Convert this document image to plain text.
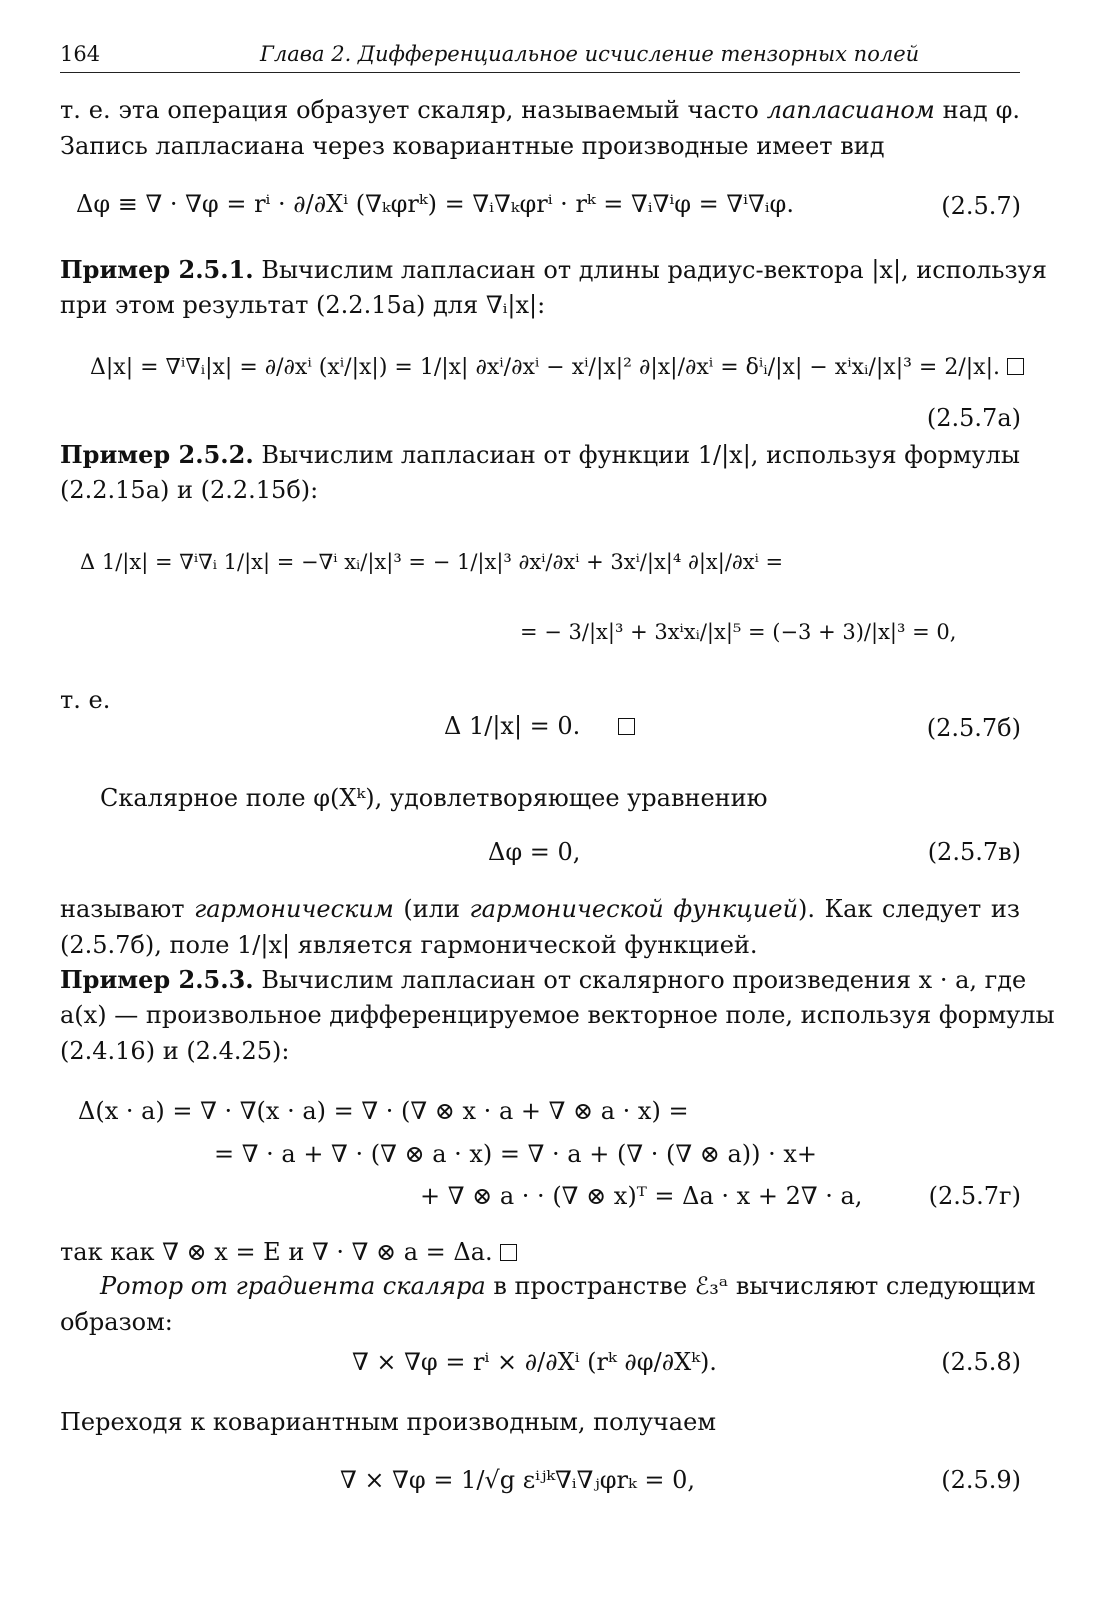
164	Глава 2. Дифференциальное исчисление тензорных полей
т. е. эта операция образует скаляр, называемый часто лапласианом над φ.
Запись лапласиана через ковариантные производные имеет вид
Δφ ≡ ∇ · ∇φ = rⁱ · ∂/∂Xⁱ (∇ₖφrᵏ) = ∇ᵢ∇ₖφrⁱ · rᵏ = ∇ᵢ∇ⁱφ = ∇ⁱ∇ᵢφ.	(2.5.7)
Пример 2.5.1. Вычислим лапласиан от длины радиус-вектора |x|, используя
при этом результат (2.2.15а) для ∇ᵢ|x|:
Δ|x| = ∇ⁱ∇ᵢ|x| = ∂/∂xⁱ (xⁱ/|x|) = 1/|x| ∂xⁱ/∂xⁱ − xⁱ/|x|² ∂|x|/∂xⁱ = δⁱᵢ/|x| − xⁱxᵢ/|x|³ = 2/|x|.
(2.5.7а)
Пример 2.5.2. Вычислим лапласиан от функции 1/|x|, используя формулы
(2.2.15а) и (2.2.15б):
Δ 1/|x| = ∇ⁱ∇ᵢ 1/|x| = −∇ⁱ xᵢ/|x|³ = − 1/|x|³ ∂xⁱ/∂xⁱ + 3xⁱ/|x|⁴ ∂|x|/∂xⁱ =
= − 3/|x|³ + 3xⁱxᵢ/|x|⁵ = (−3 + 3)/|x|³ = 0,
т. е.
Δ 1/|x| = 0.	(2.5.7б)
Скалярное поле φ(Xᵏ), удовлетворяющее уравнению
Δφ = 0,	(2.5.7в)
называют гармоническим (или гармонической функцией). Как следует из
(2.5.7б), поле 1/|x| является гармонической функцией.
Пример 2.5.3. Вычислим лапласиан от скалярного произведения x · a, где
a(x) — произвольное дифференцируемое векторное поле, используя формулы
(2.4.16) и (2.4.25):
Δ(x · a) = ∇ · ∇(x · a) = ∇ · (∇ ⊗ x · a + ∇ ⊗ a · x) =
= ∇ · a + ∇ · (∇ ⊗ a · x) = ∇ · a + (∇ · (∇ ⊗ a)) · x+
+ ∇ ⊗ a · · (∇ ⊗ x)ᵀ = Δa · x + 2∇ · a,	(2.5.7г)
так как ∇ ⊗ x = E и ∇ · ∇ ⊗ a = Δa.
Ротор от градиента скаляра в пространстве ℰ₃ᵃ вычисляют следующим
образом:
∇ × ∇φ = rⁱ × ∂/∂Xⁱ (rᵏ ∂φ/∂Xᵏ).	(2.5.8)
Переходя к ковариантным производным, получаем
∇ × ∇φ = 1/√g εⁱʲᵏ∇ᵢ∇ⱼφrₖ = 0,	(2.5.9)
